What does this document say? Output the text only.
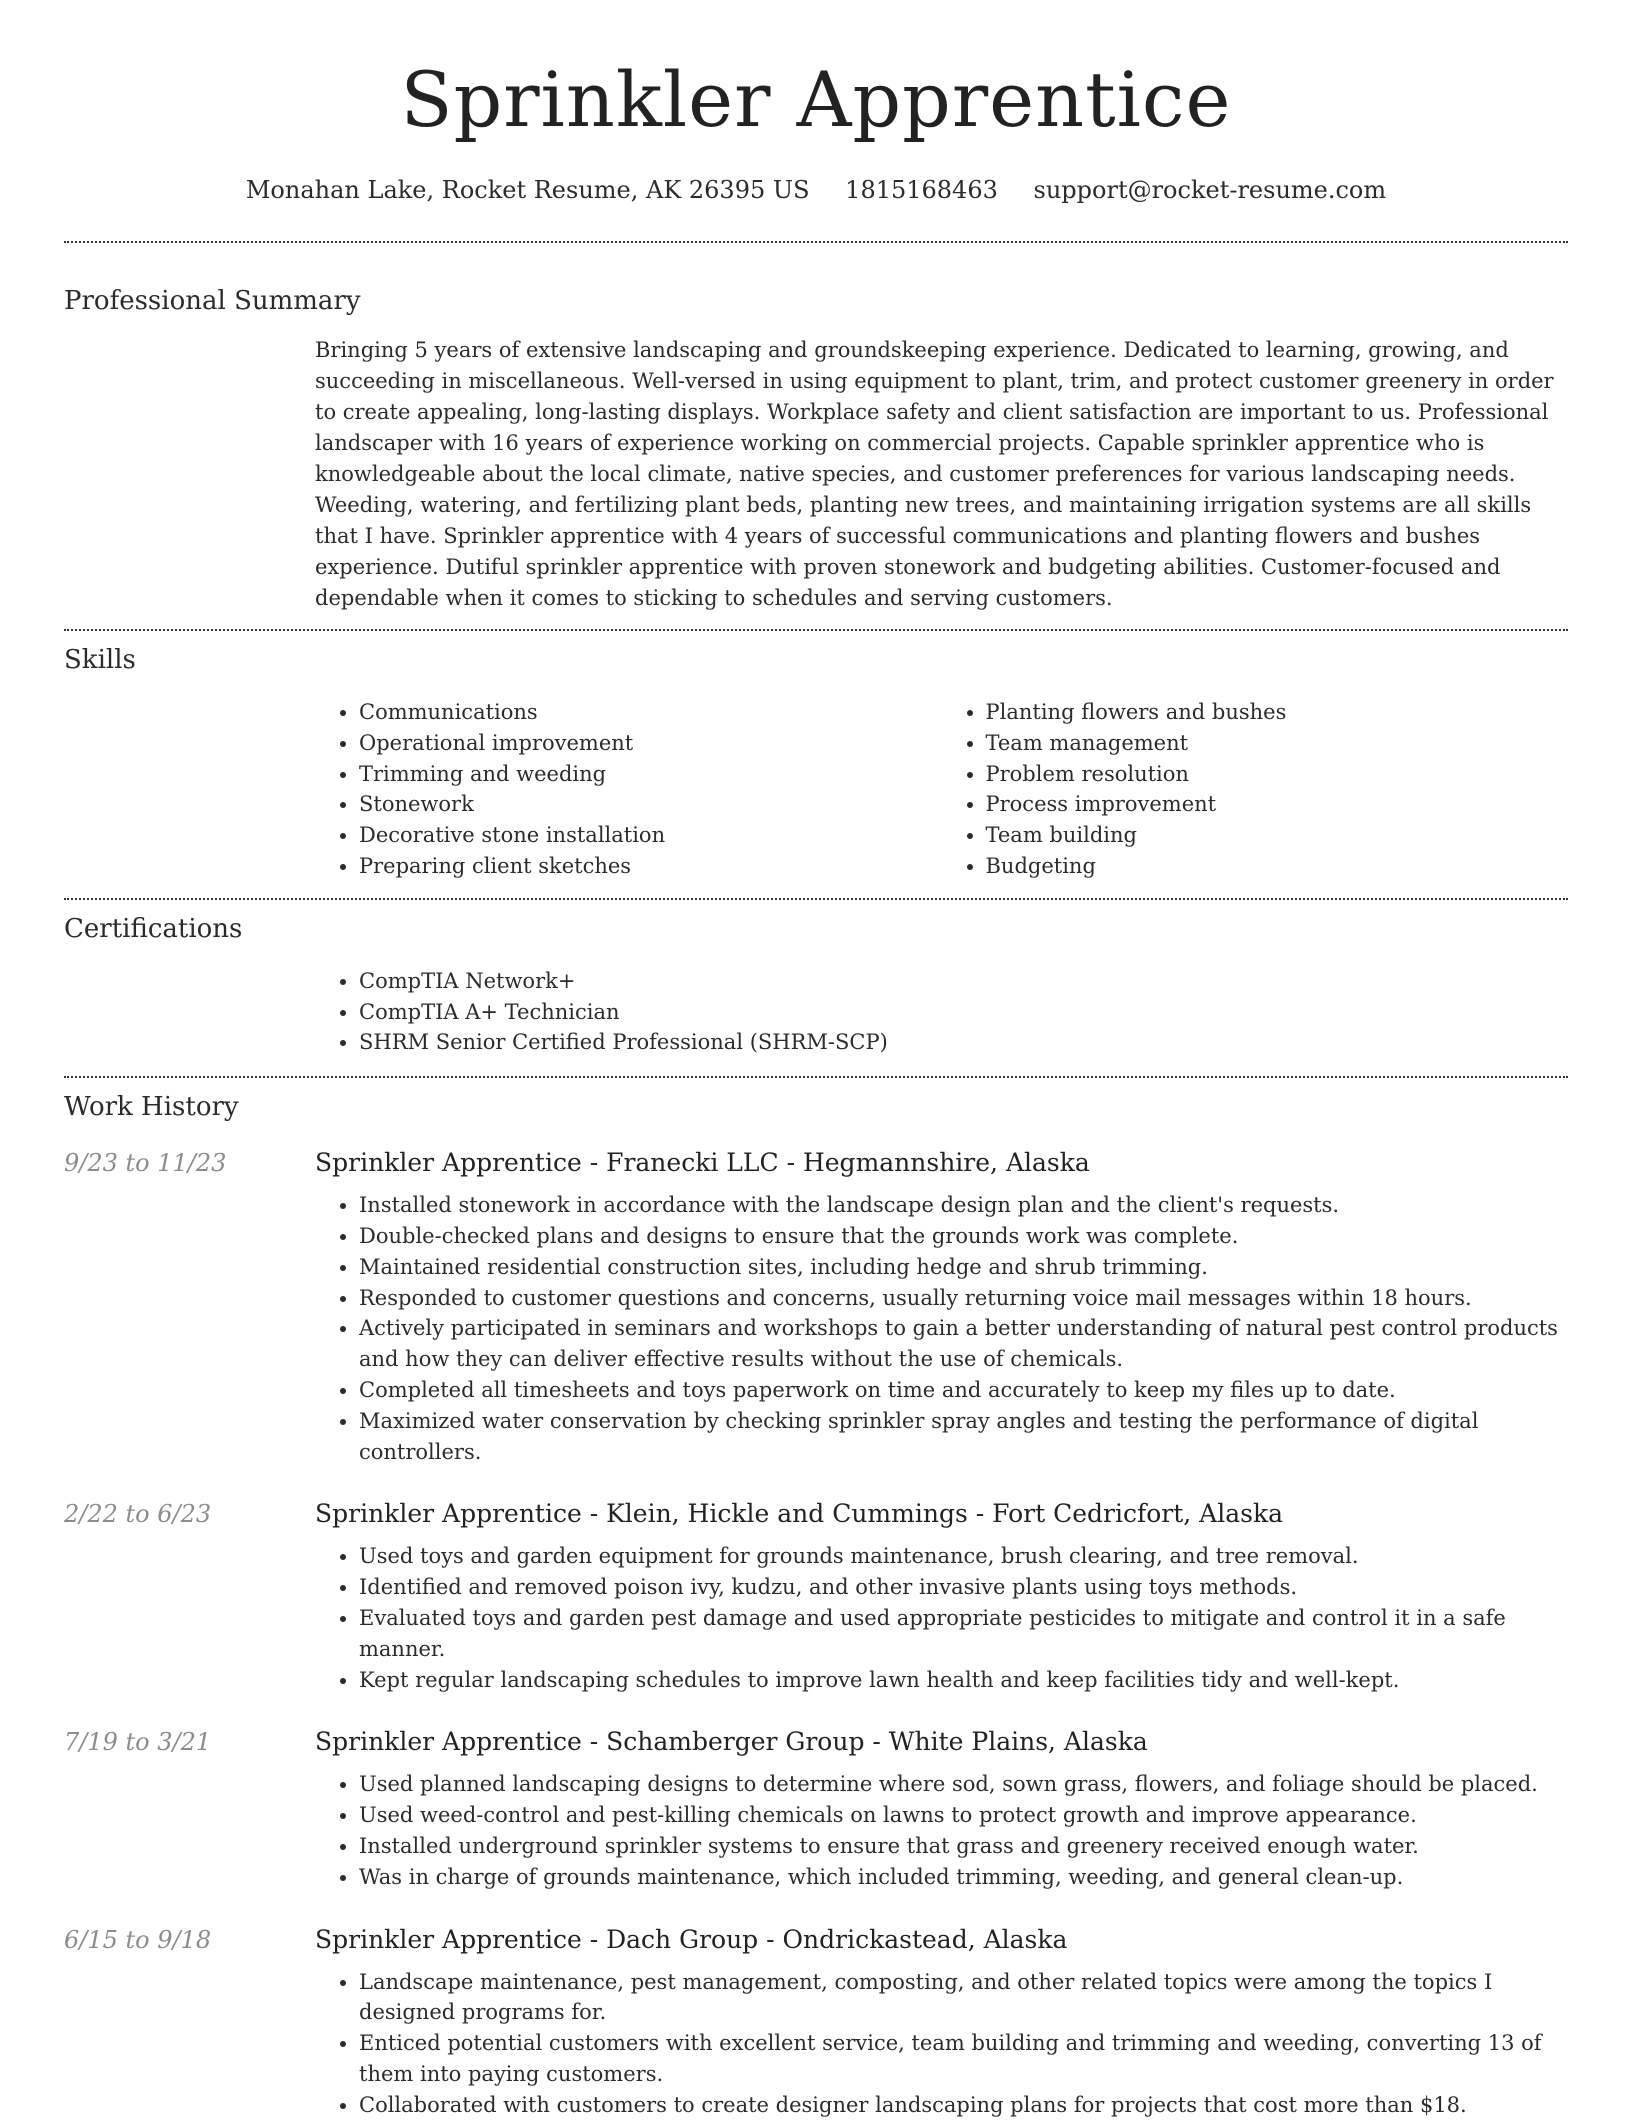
Sprinkler Apprentice
Monahan Lake, Rocket Resume, AK 26395 US 1815168463 support@rocket-resume.com
Professional Summary
Bringing 5 years of extensive landscaping and groundskeeping experience. Dedicated to learning, growing, and succeeding in miscellaneous. Well-versed in using equipment to plant, trim, and protect customer greenery in order to create appealing, long-lasting displays. Workplace safety and client satisfaction are important to us. Professional landscaper with 16 years of experience working on commercial projects. Capable sprinkler apprentice who is knowledgeable about the local climate, native species, and customer preferences for various landscaping needs. Weeding, watering, and fertilizing plant beds, planting new trees, and maintaining irrigation systems are all skills that I have. Sprinkler apprentice with 4 years of successful communications and planting flowers and bushes experience. Dutiful sprinkler apprentice with proven stonework and budgeting abilities. Customer-focused and dependable when it comes to sticking to schedules and serving customers.
Skills
• Communications
• Operational improvement
• Trimming and weeding
• Stonework
• Decorative stone installation
• Preparing client sketches
• Planting flowers and bushes
• Team management
• Problem resolution
• Process improvement
• Team building
• Budgeting
Certifications
• CompTIA Network+
• CompTIA A+ Technician
• SHRM Senior Certified Professional (SHRM-SCP)
Work History
9/23 to 11/23	Sprinkler Apprentice - Franecki LLC - Hegmannshire, Alaska
• Installed stonework in accordance with the landscape design plan and the client's requests.
• Double-checked plans and designs to ensure that the grounds work was complete.
• Maintained residential construction sites, including hedge and shrub trimming.
• Responded to customer questions and concerns, usually returning voice mail messages within 18 hours.
• Actively participated in seminars and workshops to gain a better understanding of natural pest control products and how they can deliver effective results without the use of chemicals.
• Completed all timesheets and toys paperwork on time and accurately to keep my files up to date.
• Maximized water conservation by checking sprinkler spray angles and testing the performance of digital controllers.
2/22 to 6/23	Sprinkler Apprentice - Klein, Hickle and Cummings - Fort Cedricfort, Alaska
• Used toys and garden equipment for grounds maintenance, brush clearing, and tree removal.
• Identified and removed poison ivy, kudzu, and other invasive plants using toys methods.
• Evaluated toys and garden pest damage and used appropriate pesticides to mitigate and control it in a safe manner.
• Kept regular landscaping schedules to improve lawn health and keep facilities tidy and well-kept.
7/19 to 3/21	Sprinkler Apprentice - Schamberger Group - White Plains, Alaska
• Used planned landscaping designs to determine where sod, sown grass, flowers, and foliage should be placed.
• Used weed-control and pest-killing chemicals on lawns to protect growth and improve appearance.
• Installed underground sprinkler systems to ensure that grass and greenery received enough water.
• Was in charge of grounds maintenance, which included trimming, weeding, and general clean-up.
6/15 to 9/18	Sprinkler Apprentice - Dach Group - Ondrickastead, Alaska
• Landscape maintenance, pest management, composting, and other related topics were among the topics I designed programs for.
• Enticed potential customers with excellent service, team building and trimming and weeding, converting 13 of them into paying customers.
• Collaborated with customers to create designer landscaping plans for projects that cost more than $18.
